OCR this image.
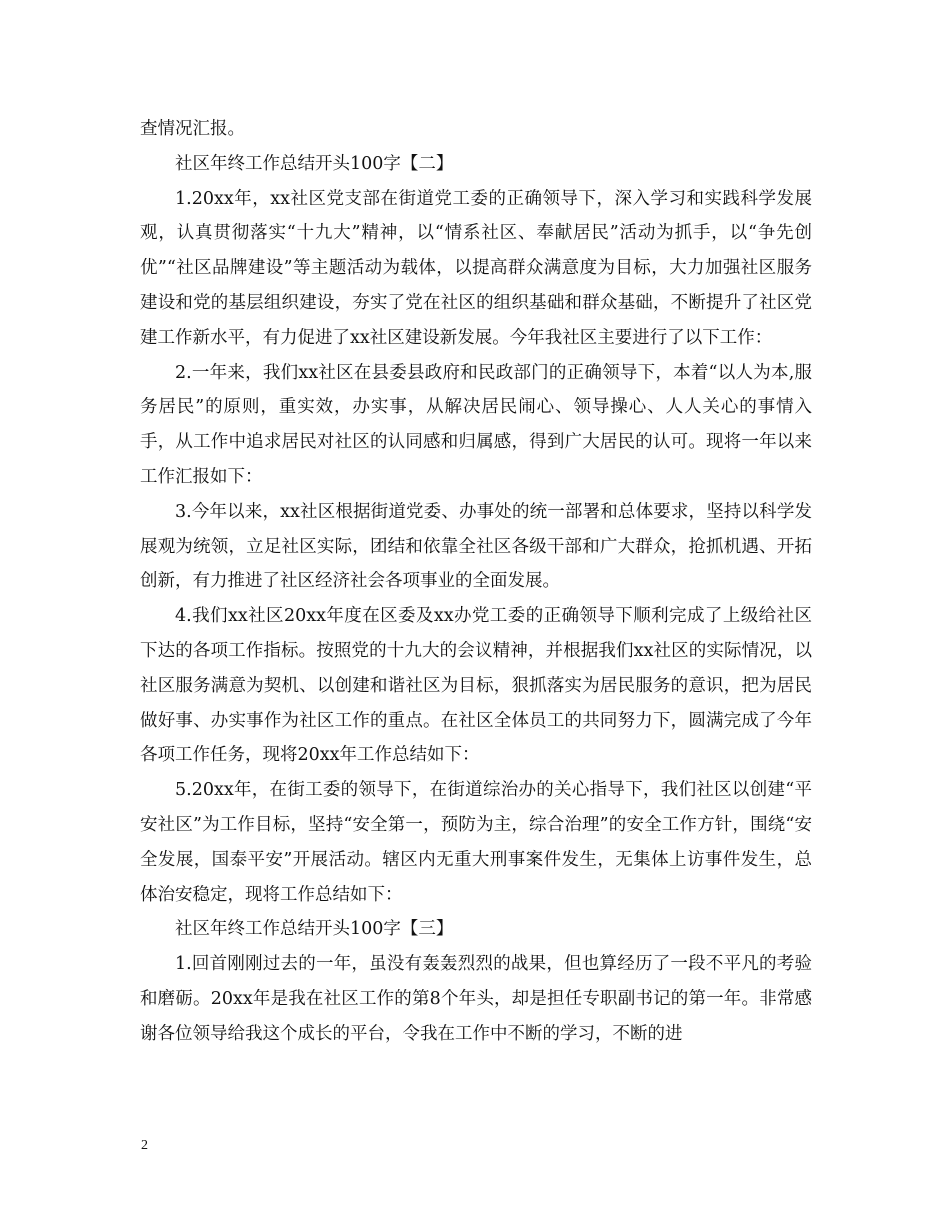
查情况汇报。

社区年终工作总结开头100字【二】

1.20xx年，xx社区党支部在街道党工委的正确领导下，深入学习和实践科学发展观，认真贯彻落实“十九大”精神，以“情系社区、奉献居民”活动为抓手，以“争先创优”“社区品牌建设”等主题活动为载体，以提高群众满意度为目标，大力加强社区服务建设和党的基层组织建设，夯实了党在社区的组织基础和群众基础，不断提升了社区党建工作新水平，有力促进了xx社区建设新发展。今年我社区主要进行了以下工作：

2.一年来，我们xx社区在县委县政府和民政部门的正确领导下，本着“以人为本,服务居民”的原则，重实效，办实事，从解决居民闹心、领导操心、人人关心的事情入手，从工作中追求居民对社区的认同感和归属感，得到广大居民的认可。现将一年以来工作汇报如下：

3.今年以来，xx社区根据街道党委、办事处的统一部署和总体要求，坚持以科学发展观为统领，立足社区实际，团结和依靠全社区各级干部和广大群众，抢抓机遇、开拓创新，有力推进了社区经济社会各项事业的全面发展。

4.我们xx社区20xx年度在区委及xx办党工委的正确领导下顺利完成了上级给社区下达的各项工作指标。按照党的十九大的会议精神，并根据我们xx社区的实际情况，以社区服务满意为契机、以创建和谐社区为目标，狠抓落实为居民服务的意识，把为居民做好事、办实事作为社区工作的重点。在社区全体员工的共同努力下，圆满完成了今年各项工作任务，现将20xx年工作总结如下：

5.20xx年，在街工委的领导下，在街道综治办的关心指导下，我们社区以创建“平安社区”为工作目标，坚持“安全第一，预防为主，综合治理”的安全工作方针，围绕“安全发展，国泰平安”开展活动。辖区内无重大刑事案件发生，无集体上访事件发生，总体治安稳定，现将工作总结如下：

社区年终工作总结开头100字【三】

1.回首刚刚过去的一年，虽没有轰轰烈烈的战果，但也算经历了一段不平凡的考验和磨砺。20xx年是我在社区工作的第8个年头，却是担任专职副书记的第一年。非常感谢各位领导给我这个成长的平台，令我在工作中不断的学习，不断的进

2
